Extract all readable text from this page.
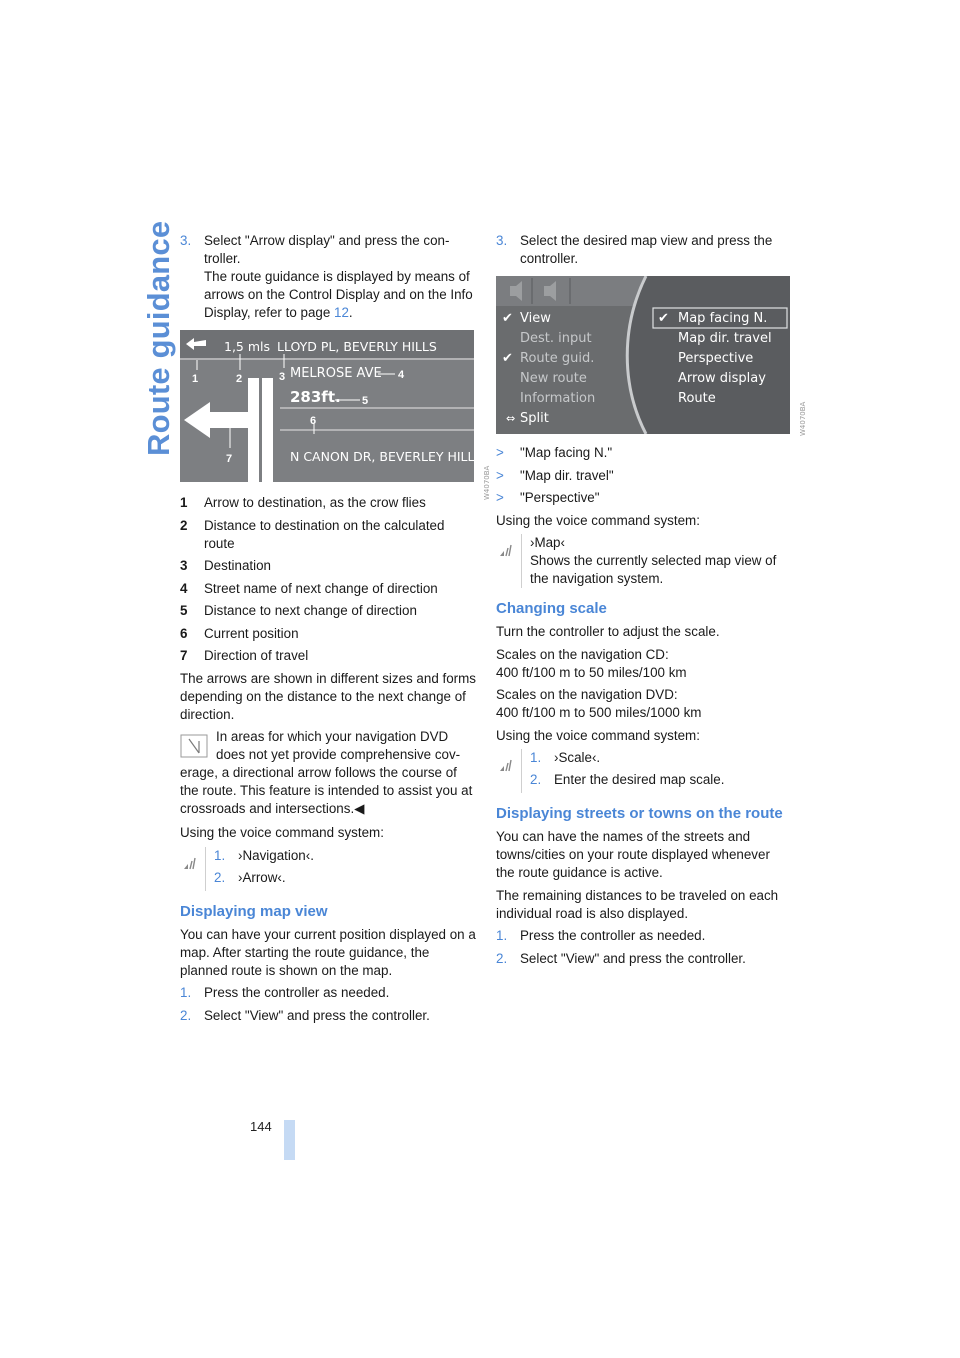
Route guidance
144
3. Select "Arrow display" and press the con-troller.
The route guidance is displayed by means of arrows on the Control Display and on the Info Display, refer to page 12.
1,5 mls LLOYD PL, BEVERLY HILLS
MELROSE AVE
283ft.
N CANON DR, BEVERLEY HILL
1	2	3	4
5
6
7
1	Arrow to destination, as the crow flies
2	Distance to destination on the calculated route
3	Destination
4	Street name of next change of direction
5	Distance to next change of direction
6	Current position
7	Direction of travel

The arrows are shown in different sizes and forms depending on the distance to the next change of direction.

In areas for which your navigation DVD does not yet provide comprehensive cov-

erage, a directional arrow follows the course of the route. This feature is intended to assist you at crossroads and intersections.◀

Using the voice command system:

1. ›Navigation‹.
2. ›Arrow‹.
Displaying map view

You can have your current position displayed on a map. After starting the route guidance, the planned route is shown on the map.

1. Press the controller as needed.
2. Select "View" and press the controller.
3. Select the desired map view and press the controller.
✔ View
Dest. input
✔ Route guid.
New route
Information
⇔ Split
✔ Map facing N.
Map dir. travel
Perspective
Arrow display
Route
>	"Map facing N."
>	"Map dir. travel"
>	"Perspective"

Using the voice command system:

›Map‹
Shows the currently selected map view of the navigation system.
Changing scale

Turn the controller to adjust the scale.

Scales on the navigation CD:
400 ft/100 m to 50 miles/100 km

Scales on the navigation DVD:
400 ft/100 m to 500 miles/1000 km

Using the voice command system:

1. ›Scale‹.
2. Enter the desired map scale.
Displaying streets or towns on the route

You can have the names of the streets and towns/cities on your route displayed whenever the route guidance is active.

The remaining distances to be traveled on each individual road is also displayed.

1. Press the controller as needed.
2. Select "View" and press the controller.
W4070BA
W4070BA
